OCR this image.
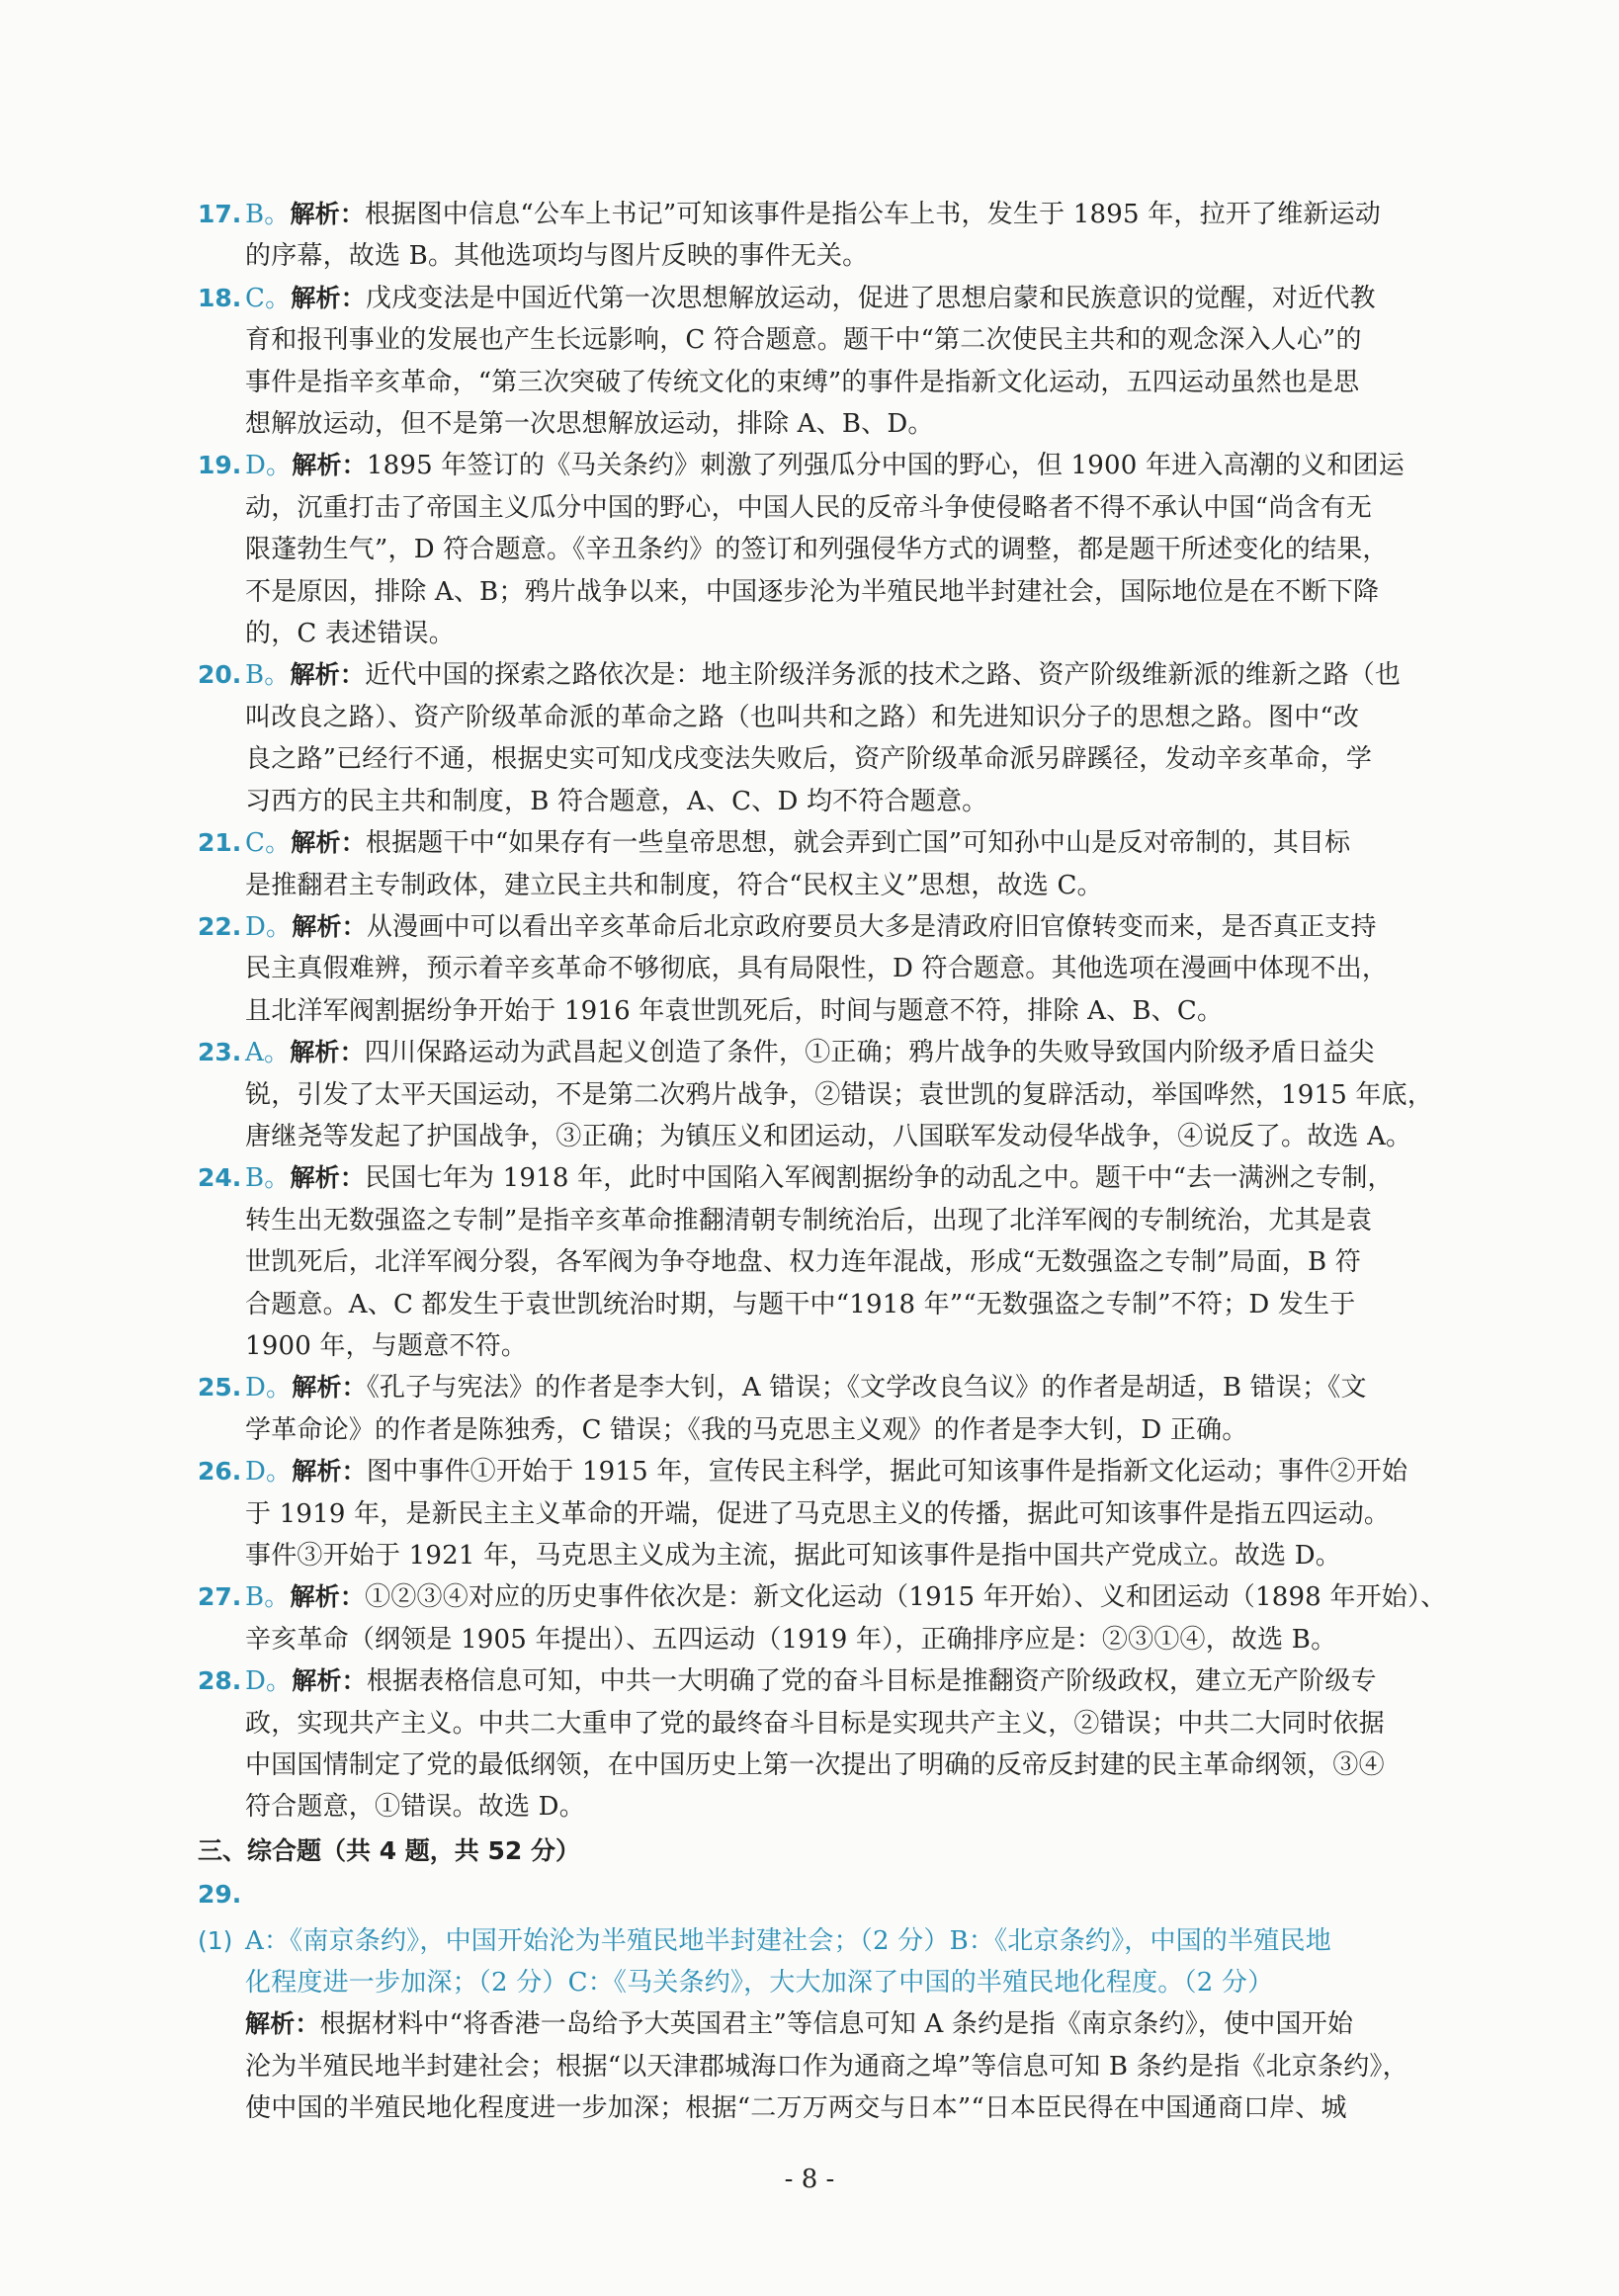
17. B。解析：根据图中信息“公车上书记”可知该事件是指公车上书，发生于 1895 年，拉开了维新运动
的序幕，故选 B。其他选项均与图片反映的事件无关。
18. C。解析：戊戌变法是中国近代第一次思想解放运动，促进了思想启蒙和民族意识的觉醒，对近代教
育和报刊事业的发展也产生长远影响，C 符合题意。题干中“第二次使民主共和的观念深入人心”的
事件是指辛亥革命，“第三次突破了传统文化的束缚”的事件是指新文化运动，五四运动虽然也是思
想解放运动，但不是第一次思想解放运动，排除 A、B、D。
19. D。解析：1895 年签订的《马关条约》刺激了列强瓜分中国的野心，但 1900 年进入高潮的义和团运
动，沉重打击了帝国主义瓜分中国的野心，中国人民的反帝斗争使侵略者不得不承认中国“尚含有无
限蓬勃生气”，D 符合题意。《辛丑条约》的签订和列强侵华方式的调整，都是题干所述变化的结果，
不是原因，排除 A、B；鸦片战争以来，中国逐步沦为半殖民地半封建社会，国际地位是在不断下降
的，C 表述错误。
20. B。解析：近代中国的探索之路依次是：地主阶级洋务派的技术之路、资产阶级维新派的维新之路（也
叫改良之路）、资产阶级革命派的革命之路（也叫共和之路）和先进知识分子的思想之路。图中“改
良之路”已经行不通，根据史实可知戊戌变法失败后，资产阶级革命派另辟蹊径，发动辛亥革命，学
习西方的民主共和制度，B 符合题意，A、C、D 均不符合题意。
21. C。解析：根据题干中“如果存有一些皇帝思想，就会弄到亡国”可知孙中山是反对帝制的，其目标
是推翻君主专制政体，建立民主共和制度，符合“民权主义”思想，故选 C。
22. D。解析：从漫画中可以看出辛亥革命后北京政府要员大多是清政府旧官僚转变而来，是否真正支持
民主真假难辨，预示着辛亥革命不够彻底，具有局限性，D 符合题意。其他选项在漫画中体现不出，
且北洋军阀割据纷争开始于 1916 年袁世凯死后，时间与题意不符，排除 A、B、C。
23. A。解析：四川保路运动为武昌起义创造了条件，①正确；鸦片战争的失败导致国内阶级矛盾日益尖
锐，引发了太平天国运动，不是第二次鸦片战争，②错误；袁世凯的复辟活动，举国哗然，1915 年底，
唐继尧等发起了护国战争，③正确；为镇压义和团运动，八国联军发动侵华战争，④说反了。故选 A。
24. B。解析：民国七年为 1918 年，此时中国陷入军阀割据纷争的动乱之中。题干中“去一满洲之专制，
转生出无数强盗之专制”是指辛亥革命推翻清朝专制统治后，出现了北洋军阀的专制统治，尤其是袁
世凯死后，北洋军阀分裂，各军阀为争夺地盘、权力连年混战，形成“无数强盗之专制”局面，B 符
合题意。A、C 都发生于袁世凯统治时期，与题干中“1918 年”“无数强盗之专制”不符；D 发生于
1900 年，与题意不符。
25. D。解析：《孔子与宪法》的作者是李大钊，A 错误；《文学改良刍议》的作者是胡适，B 错误；《文
学革命论》的作者是陈独秀，C 错误；《我的马克思主义观》的作者是李大钊，D 正确。
26. D。解析：图中事件①开始于 1915 年，宣传民主科学，据此可知该事件是指新文化运动；事件②开始
于 1919 年，是新民主主义革命的开端，促进了马克思主义的传播，据此可知该事件是指五四运动。
事件③开始于 1921 年，马克思主义成为主流，据此可知该事件是指中国共产党成立。故选 D。
27. B。解析：①②③④对应的历史事件依次是：新文化运动（1915 年开始）、义和团运动（1898 年开始）、
辛亥革命（纲领是 1905 年提出）、五四运动（1919 年），正确排序应是：②③①④，故选 B。
28. D。解析：根据表格信息可知，中共一大明确了党的奋斗目标是推翻资产阶级政权，建立无产阶级专
政，实现共产主义。中共二大重申了党的最终奋斗目标是实现共产主义，②错误；中共二大同时依据
中国国情制定了党的最低纲领，在中国历史上第一次提出了明确的反帝反封建的民主革命纲领，③④
符合题意，①错误。故选 D。
三、综合题（共 4 题，共 52 分）
29.
(1) A：《南京条约》，中国开始沦为半殖民地半封建社会；（2 分）B：《北京条约》，中国的半殖民地
化程度进一步加深；（2 分）C：《马关条约》，大大加深了中国的半殖民地化程度。（2 分）
解析：根据材料中“将香港一岛给予大英国君主”等信息可知 A 条约是指《南京条约》，使中国开始
沦为半殖民地半封建社会；根据“以天津郡城海口作为通商之埠”等信息可知 B 条约是指《北京条约》，
使中国的半殖民地化程度进一步加深；根据“二万万两交与日本”“日本臣民得在中国通商口岸、城
- 8 -
